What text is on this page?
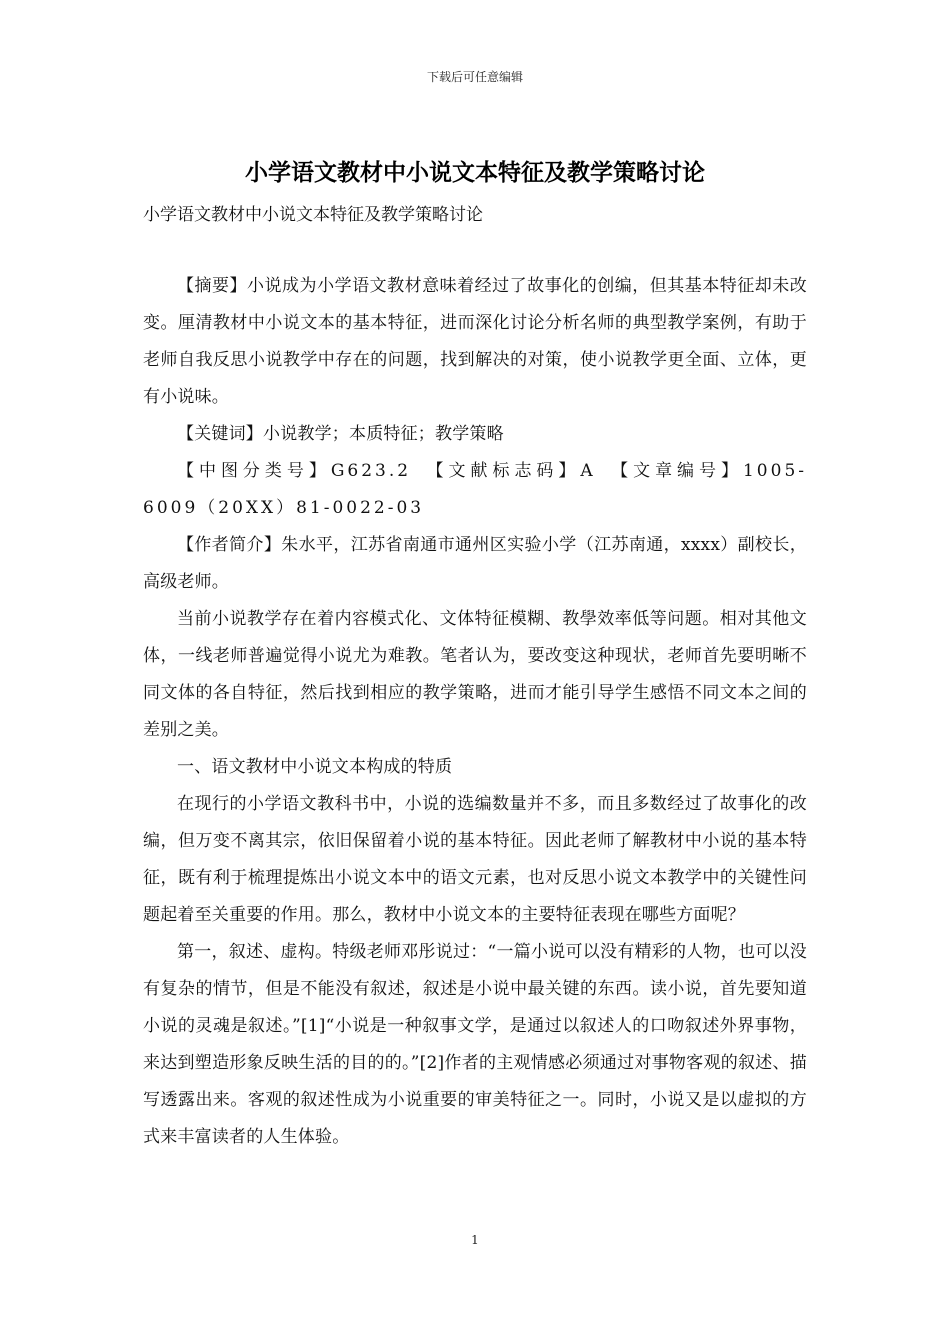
下载后可任意编辑
小学语文教材中小说文本特征及教学策略讨论
小学语文教材中小说文本特征及教学策略讨论

【摘要】小说成为小学语文教材意味着经过了故事化的创编，但其基本特征却未改变。厘清教材中小说文本的基本特征，进而深化讨论分析名师的典型教学案例，有助于老师自我反思小说教学中存在的问题，找到解决的对策，使小说教学更全面、立体，更有小说味。

【关键词】小说教学；本质特征；教学策略

【中图分类号】G623.2　【文献标志码】A　【文章编号】1005-6009（20XX）81-0022-03

【作者简介】朱水平，江苏省南通市通州区实验小学（江苏南通，xxxx）副校长，高级老师。

当前小说教学存在着内容模式化、文体特征模糊、教學效率低等问题。相对其他文体，一线老师普遍觉得小说尤为难教。笔者认为，要改变这种现状，老师首先要明晰不同文体的各自特征，然后找到相应的教学策略，进而才能引导学生感悟不同文本之间的差别之美。

一、语文教材中小说文本构成的特质

在现行的小学语文教科书中，小说的选编数量并不多，而且多数经过了故事化的改编，但万变不离其宗，依旧保留着小说的基本特征。因此老师了解教材中小说的基本特征，既有利于梳理提炼出小说文本中的语文元素，也对反思小说文本教学中的关键性问题起着至关重要的作用。那么，教材中小说文本的主要特征表现在哪些方面呢？

第一，叙述、虚构。特级老师邓彤说过：“一篇小说可以没有精彩的人物，也可以没有复杂的情节，但是不能没有叙述，叙述是小说中最关键的东西。读小说，首先要知道小说的灵魂是叙述。”[1]“小说是一种叙事文学，是通过以叙述人的口吻叙述外界事物，来达到塑造形象反映生活的目的的。”[2]作者的主观情感必须通过对事物客观的叙述、描写透露出来。客观的叙述性成为小说重要的审美特征之一。同时，小说又是以虚拟的方式来丰富读者的人生体验。

1
